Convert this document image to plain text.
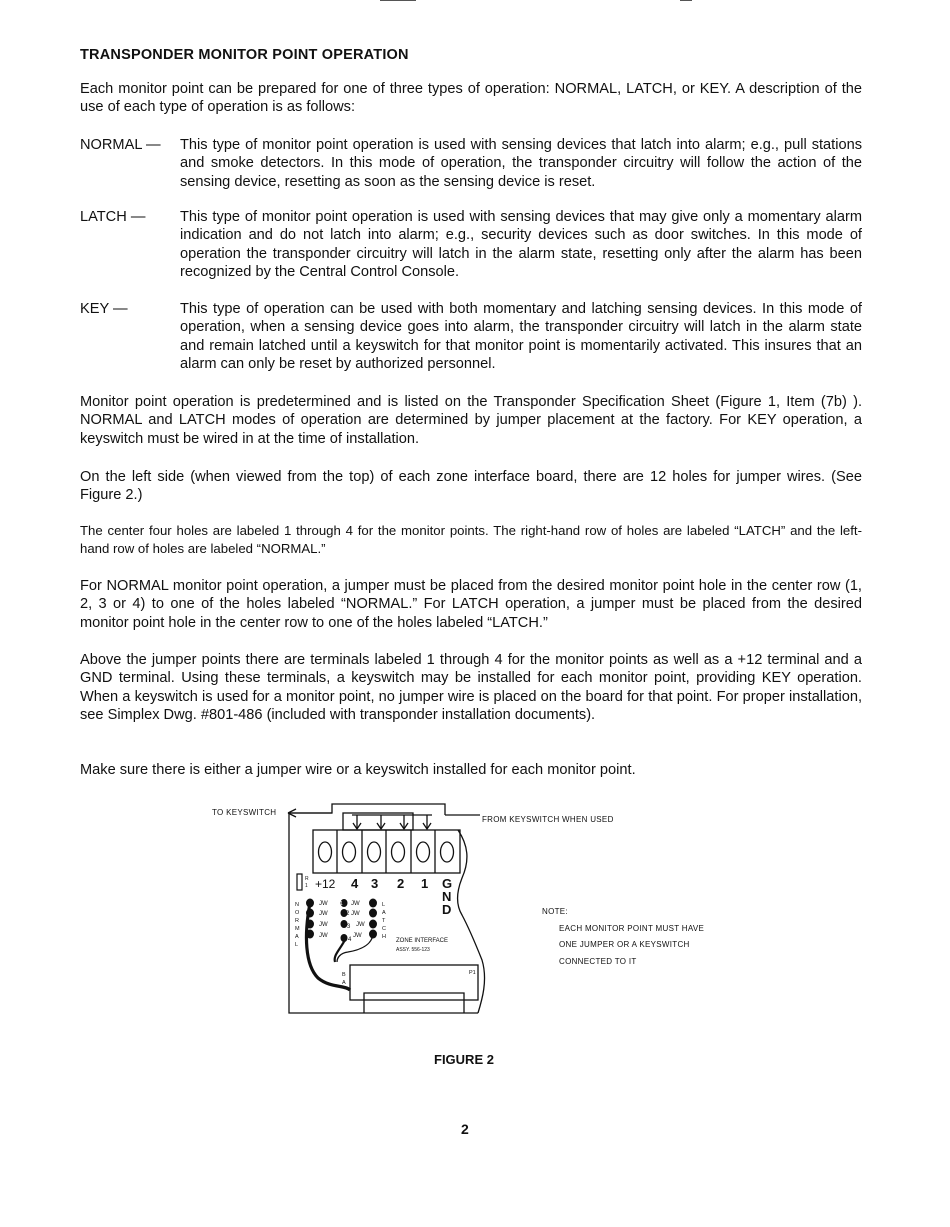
TRANSPONDER MONITOR POINT OPERATION
Each monitor point can be prepared for one of three types of operation: NORMAL, LATCH, or KEY. A description of the use of each type of operation is as follows:
NORMAL — This type of monitor point operation is used with sensing devices that latch into alarm; e.g., pull stations and smoke detectors. In this mode of operation, the transponder circuitry will follow the action of the sensing device, resetting as soon as the sensing device is reset.
LATCH — This type of monitor point operation is used with sensing devices that may give only a momentary alarm indication and do not latch into alarm; e.g., security devices such as door switches. In this mode of operation the transponder circuitry will latch in the alarm state, resetting only after the alarm has been recognized by the Central Control Console.
KEY —	This type of operation can be used with both momentary and latching sensing devices. In this mode of operation, when a sensing device goes into alarm, the transponder circuitry will latch in the alarm state and remain latched until a keyswitch for that monitor point is momentarily activated. This insures that an alarm can only be reset by authorized personnel.
Monitor point operation is predetermined and is listed on the Transponder Specification Sheet (Figure 1, Item (7b) ). NORMAL and LATCH modes of operation are determined by jumper placement at the factory. For KEY operation, a keyswitch must be wired in at the time of installation.
On the left side (when viewed from the top) of each zone interface board, there are 12 holes for jumper wires. (See Figure 2.)
The center four holes are labeled 1 through 4 for the monitor points. The right-hand row of holes are labeled “LATCH” and the left-hand row of holes are labeled “NORMAL.”
For NORMAL monitor point operation, a jumper must be placed from the desired monitor point hole in the center row (1, 2, 3 or 4) to one of the holes labeled “NORMAL.” For LATCH operation, a jumper must be placed from the desired monitor point hole in the center row to one of the holes labeled “LATCH.”
Above the jumper points there are terminals labeled 1 through 4 for the monitor points as well as a +12 terminal and a GND terminal. Using these terminals, a keyswitch may be installed for each monitor point, providing KEY operation. When a keyswitch is used for a monitor point, no jumper wire is placed on the board for that point. For proper installation, see Simplex Dwg. #801-486 (included with transponder installation documents).
Make sure there is either a jumper wire or a keyswitch installed for each monitor point.
+12 4 3 2 1 G
N
D
R
1
N
O
R
M
A
L
L
A
T
C
H
JW	JW
JW	JW
JW	JW
JW	JW
1
2
3
4	ZONE INTERFACE
ASSY. 556-123
B
A
P1
TO KEYSWITCH
FROM KEYSWITCH WHEN USED
NOTE:
EACH MONITOR POINT MUST HAVE
ONE JUMPER OR A KEYSWITCH
CONNECTED TO IT
FIGURE 2
2
